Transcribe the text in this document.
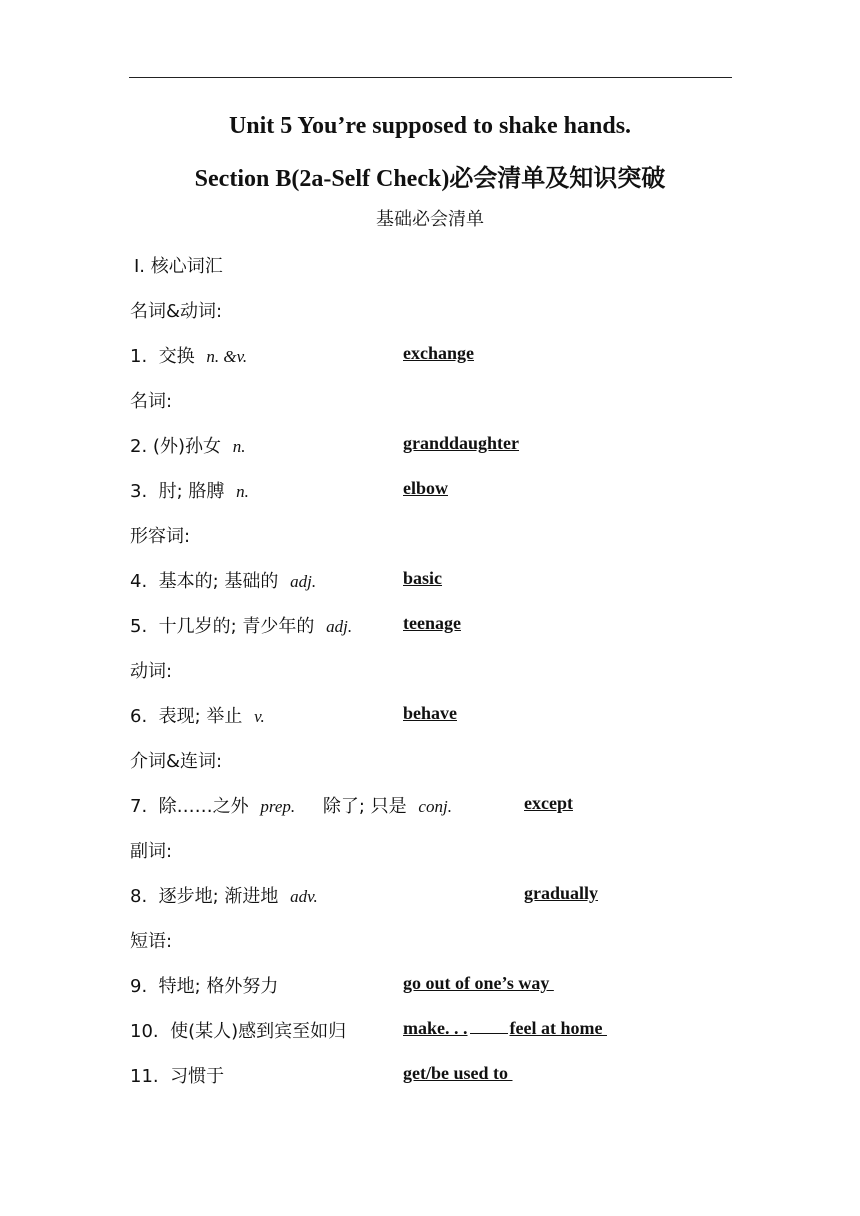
Unit 5 You’re supposed to shake hands.
Section B(2a-Self Check)必会清单及知识突破
基础必会清单
Ⅰ. 核心词汇
名词&动词:
1. 交换 n. &v.	exchange
名词:
2. (外)孙女 n.	granddaughter
3. 肘; 胳膊 n.	elbow
形容词:
4. 基本的; 基础的 adj.	basic
5. 十几岁的; 青少年的 adj.	teenage
动词:
6. 表现; 举止 v.	behave
介词&连词:
7. 除……之外 prep. 除了; 只是 conj.	except
副词:
8. 逐步地; 渐进地 adv.	gradually
短语:
9. 特地; 格外努力	go out of one’s way
10. 使(某人)感到宾至如归	make. . . feel at home
11. 习惯于	get/be used to
